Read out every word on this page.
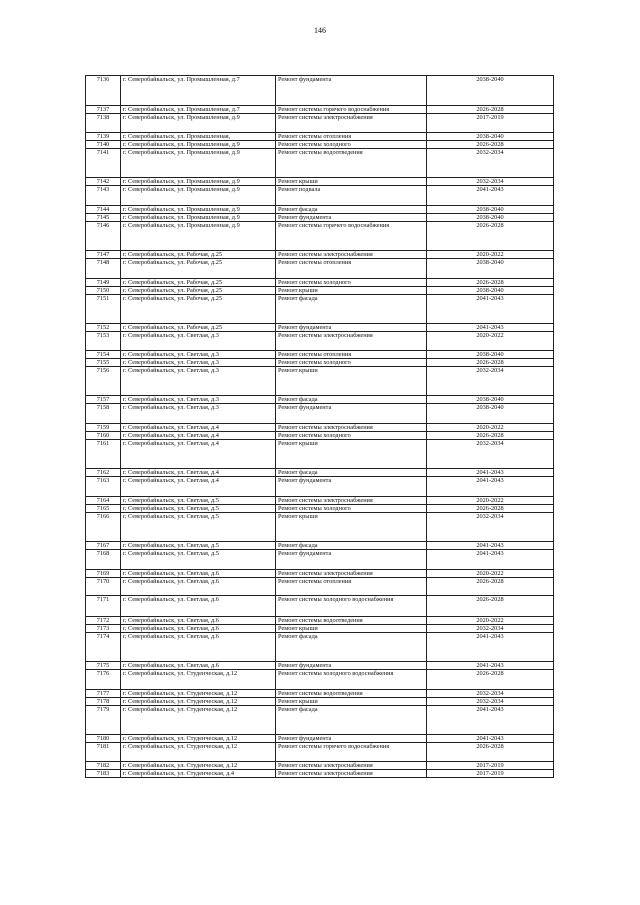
146
7136	г. Северобайкальск, ул. Промышленная, д.7	Ремонт фундамента	2038-2040
7137	г. Северобайкальск, ул. Промышленная, д.7	Ремонт системы горячего водоснабжения	2026-2028
7138	г. Северобайкальск, ул. Промышленная, д.9	Ремонт системы электроснабжения	2017-2019
7139	г. Северобайкальск, ул. Промышленная,	Ремонт системы отопления	2038-2040
7140	г. Северобайкальск, ул. Промышленная, д.9	Ремонт системы холодного	2026-2028
7141	г. Северобайкальск, ул. Промышленная, д.9	Ремонт системы водоотведения	2032-2034
7142	г. Северобайкальск, ул. Промышленная, д.9	Ремонт крыши	2032-2034
7143	г. Северобайкальск, ул. Промышленная, д.9	Ремонт подвала	2041-2043
7144	г. Северобайкальск, ул. Промышленная, д.9	Ремонт фасада	2038-2040
7145	г. Северобайкальск, ул. Промышленная, д.9	Ремонт фундамента	2038-2040
7146	г. Северобайкальск, ул. Промышленная, д.9	Ремонт системы горячего водоснабжения	2026-2028
7147	г. Северобайкальск, ул. Рабочая, д.25	Ремонт системы электроснабжения	2020-2022
7148	г. Северобайкальск, ул. Рабочая, д.25	Ремонт системы отопления	2038-2040
7149	г. Северобайкальск, ул. Рабочая, д.25	Ремонт системы холодного	2026-2028
7150	г. Северобайкальск, ул. Рабочая, д.25	Ремонт крыши	2038-2040
7151	г. Северобайкальск, ул. Рабочая, д.25	Ремонт фасада	2041-2043
7152	г. Северобайкальск, ул. Рабочая, д.25	Ремонт фундамента	2041-2043
7153	г. Северобайкальск, ул. Светлая, д.3	Ремонт системы электроснабжения	2020-2022
7154	г. Северобайкальск, ул. Светлая, д.3	Ремонт системы отопления	2038-2040
7155	г. Северобайкальск, ул. Светлая, д.3	Ремонт системы холодного	2026-2028
7156	г. Северобайкальск, ул. Светлая, д.3	Ремонт крыши	2032-2034
7157	г. Северобайкальск, ул. Светлая, д.3	Ремонт фасада	2038-2040
7158	г. Северобайкальск, ул. Светлая, д.3	Ремонт фундамента	2038-2040
7159	г. Северобайкальск, ул. Светлая, д.4	Ремонт системы электроснабжения	2020-2022
7160	г. Северобайкальск, ул. Светлая, д.4	Ремонт системы холодного	2026-2028
7161	г. Северобайкальск, ул. Светлая, д.4	Ремонт крыши	2032-2034
7162	г. Северобайкальск, ул. Светлая, д.4	Ремонт фасада	2041-2043
7163	г. Северобайкальск, ул. Светлая, д.4	Ремонт фундамента	2041-2043
7164	г. Северобайкальск, ул. Светлая, д.5	Ремонт системы электроснабжения	2020-2022
7165	г. Северобайкальск, ул. Светлая, д.5	Ремонт системы холодного	2026-2028
7166	г. Северобайкальск, ул. Светлая, д.5	Ремонт крыши	2032-2034
7167	г. Северобайкальск, ул. Светлая, д.5	Ремонт фасада	2041-2043
7168	г. Северобайкальск, ул. Светлая, д.5	Ремонт фундамента	2041-2043
7169	г. Северобайкальск, ул. Светлая, д.6	Ремонт системы электроснабжения	2020-2022
7170	г. Северобайкальск, ул. Светлая, д.6	Ремонт системы отопления	2026-2028
7171	г. Северобайкальск, ул. Светлая, д.6	Ремонт системы холодного водоснабжения	2026-2028
7172	г. Северобайкальск, ул. Светлая, д.6	Ремонт системы водоотведения	2020-2022
7173	г. Северобайкальск, ул. Светлая, д.6	Ремонт крыши	2032-2034
7174	г. Северобайкальск, ул. Светлая, д.6	Ремонт фасада	2041-2043
7175	г. Северобайкальск, ул. Светлая, д.6	Ремонт фундамента	2041-2043
7176	г. Северобайкальск, ул. Студенческая, д.12	Ремонт системы холодного водоснабжения	2026-2028
7177	г. Северобайкальск, ул. Студенческая, д.12	Ремонт системы водоотведения	2032-2034
7178	г. Северобайкальск, ул. Студенческая, д.12	Ремонт крыши	2032-2034
7179	г. Северобайкальск, ул. Студенческая, д.12	Ремонт фасада	2041-2043
7180	г. Северобайкальск, ул. Студенческая, д.12	Ремонт фундамента	2041-2043
7181	г. Северобайкальск, ул. Студенческая, д.12	Ремонт системы горячего водоснабжения	2026-2028
7182	г. Северобайкальск, ул. Студенческая, д.12	Ремонт системы электроснабжения	2017-2019
7183	г. Северобайкальск, ул. Студенческая, д.4	Ремонт системы электроснабжения	2017-2019
